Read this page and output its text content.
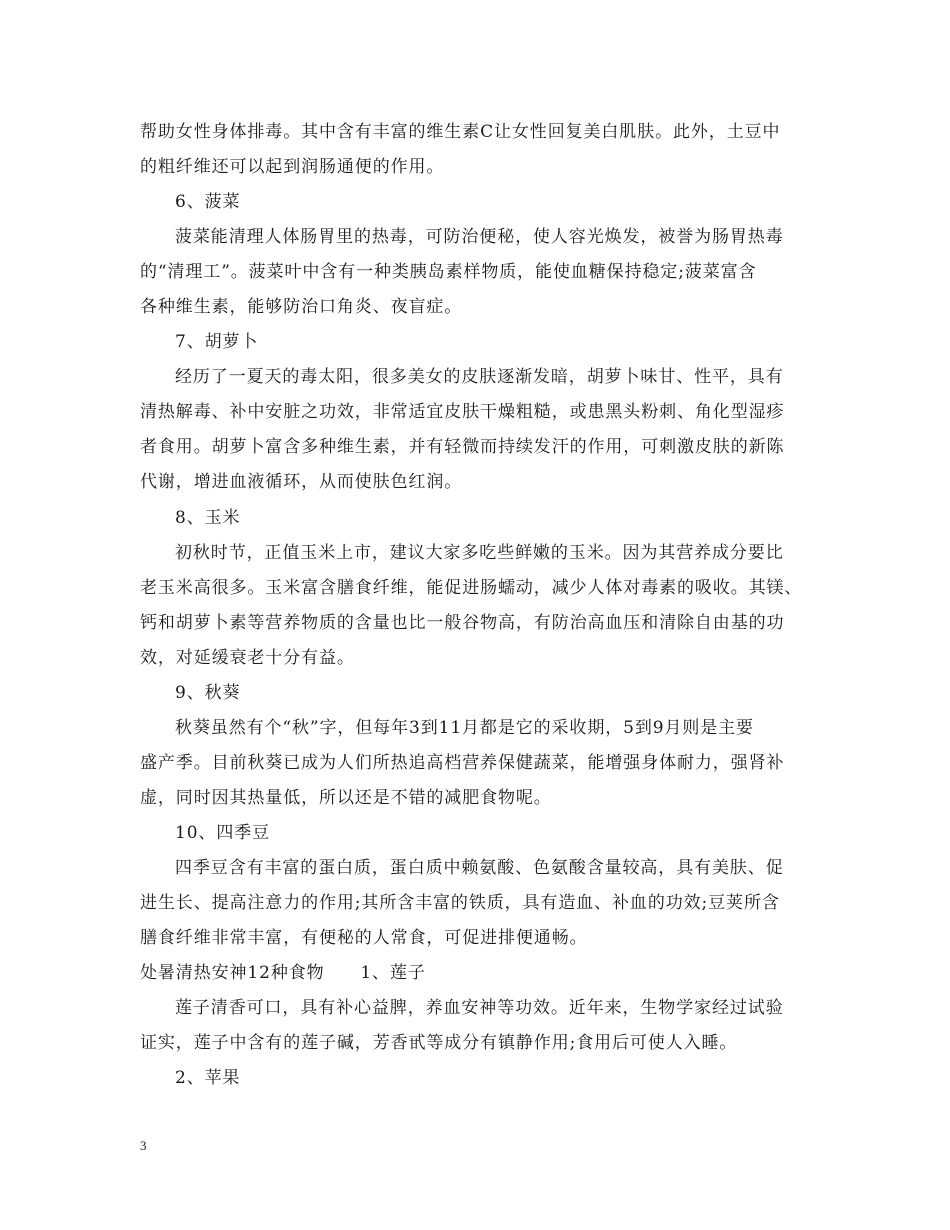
帮助女性身体排毒。其中含有丰富的维生素C让女性回复美白肌肤。此外，土豆中
的粗纤维还可以起到润肠通便的作用。
6、菠菜
菠菜能清理人体肠胃里的热毒，可防治便秘，使人容光焕发，被誉为肠胃热毒
的“清理工”。菠菜叶中含有一种类胰岛素样物质，能使血糖保持稳定;菠菜富含
各种维生素，能够防治口角炎、夜盲症。
7、胡萝卜
经历了一夏天的毒太阳，很多美女的皮肤逐渐发暗，胡萝卜味甘、性平，具有
清热解毒、补中安脏之功效，非常适宜皮肤干燥粗糙，或患黑头粉刺、角化型湿疹
者食用。胡萝卜富含多种维生素，并有轻微而持续发汗的作用，可刺激皮肤的新陈
代谢，增进血液循环，从而使肤色红润。
8、玉米
初秋时节，正值玉米上市，建议大家多吃些鲜嫩的玉米。因为其营养成分要比
老玉米高很多。玉米富含膳食纤维，能促进肠蠕动，减少人体对毒素的吸收。其镁、
钙和胡萝卜素等营养物质的含量也比一般谷物高，有防治高血压和清除自由基的功
效，对延缓衰老十分有益。
9、秋葵
秋葵虽然有个“秋”字，但每年3到11月都是它的采收期，5到9月则是主要
盛产季。目前秋葵已成为人们所热追高档营养保健蔬菜，能增强身体耐力，强肾补
虚，同时因其热量低，所以还是不错的减肥食物呢。
10、四季豆
四季豆含有丰富的蛋白质，蛋白质中赖氨酸、色氨酸含量较高，具有美肤、促
进生长、提高注意力的作用;其所含丰富的铁质，具有造血、补血的功效;豆荚所含
膳食纤维非常丰富，有便秘的人常食，可促进排便通畅。
处暑清热安神12种食物　　1、莲子
莲子清香可口，具有补心益脾，养血安神等功效。近年来，生物学家经过试验
证实，莲子中含有的莲子碱，芳香甙等成分有镇静作用;食用后可使人入睡。
2、苹果
3
